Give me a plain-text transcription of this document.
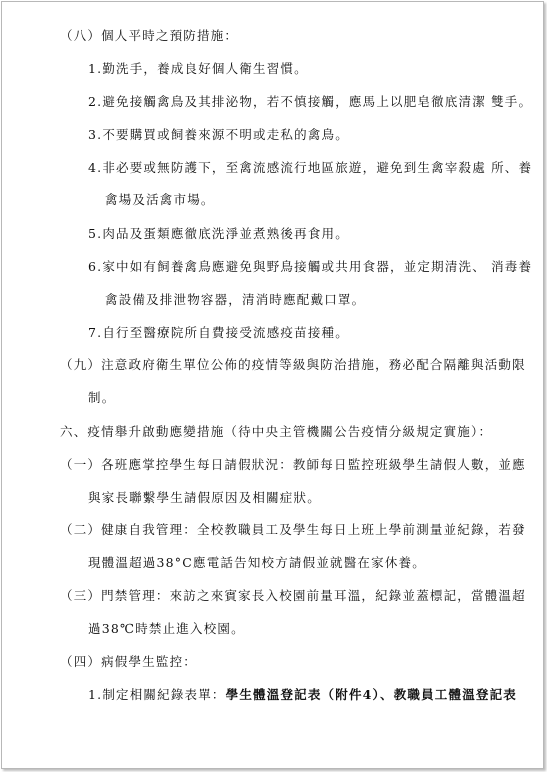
（八）個人平時之預防措施：
1.勤洗手，養成良好個人衛生習慣。
2.避免接觸禽鳥及其排泌物，若不慎接觸，應馬上以肥皂徹底清潔 雙手。
3.不要購買或飼養來源不明或走私的禽鳥。
4.非必要或無防護下，至禽流感流行地區旅遊，避免到生禽宰殺處 所、養
禽場及活禽市場。
5.肉品及蛋類應徹底洗淨並煮熟後再食用。
6.家中如有飼養禽鳥應避免與野鳥接觸或共用食器，並定期清洗、 消毒養
禽設備及排泄物容器，清消時應配戴口罩。
7.自行至醫療院所自費接受流感疫苗接種。
（九）注意政府衛生單位公佈的疫情等級與防治措施，務必配合隔離與活動限
制。
六、疫情舉升啟動應變措施（待中央主管機關公告疫情分級規定實施）：
（一）各班應掌控學生每日請假狀況：教師每日監控班級學生請假人數，並應
與家長聯繫學生請假原因及相關症狀。
（二）健康自我管理：全校教職員工及學生每日上班上學前測量並紀錄，若發
現體溫超過38°C應電話告知校方請假並就醫在家休養。
（三）門禁管理：來訪之來賓家長入校園前量耳溫，紀錄並蓋標記，當體溫超
過38℃時禁止進入校園。
（四）病假學生監控：
1.制定相關紀錄表單：學生體溫登記表（附件4）、教職員工體溫登記表
